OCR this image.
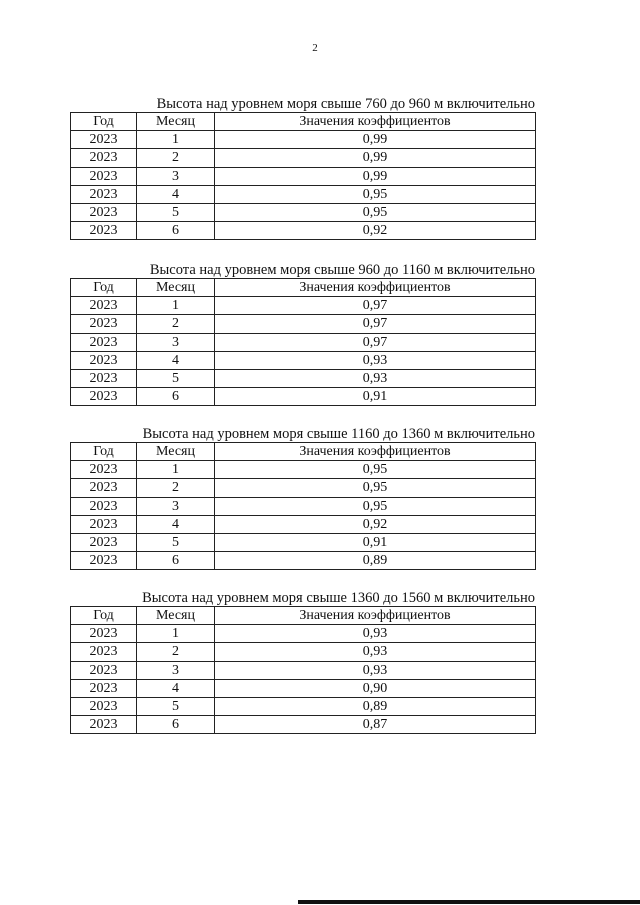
2
Высота над уровнем моря свыше 760 до 960 м включительно
Год	Месяц	Значения коэффициентов
2023	1	0,99
2023	2	0,99
2023	3	0,99
2023	4	0,95
2023	5	0,95
2023	6	0,92
Высота над уровнем моря свыше 960 до 1160 м включительно
Год	Месяц	Значения коэффициентов
2023	1	0,97
2023	2	0,97
2023	3	0,97
2023	4	0,93
2023	5	0,93
2023	6	0,91
Высота над уровнем моря свыше 1160 до 1360 м включительно
Год	Месяц	Значения коэффициентов
2023	1	0,95
2023	2	0,95
2023	3	0,95
2023	4	0,92
2023	5	0,91
2023	6	0,89
Высота над уровнем моря свыше 1360 до 1560 м включительно
Год	Месяц	Значения коэффициентов
2023	1	0,93
2023	2	0,93
2023	3	0,93
2023	4	0,90
2023	5	0,89
2023	6	0,87
